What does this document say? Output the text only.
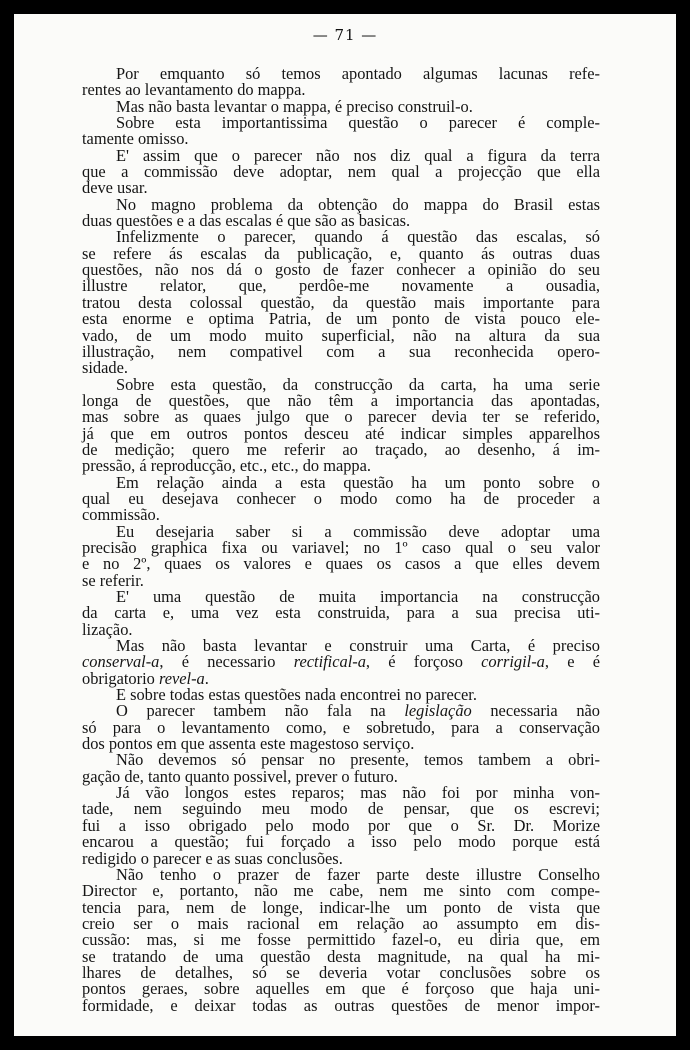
— 71 —

Por emquanto só temos apontado algumas lacunas refe-
rentes ao levantamento do mappa.

Mas não basta levantar o mappa, é preciso construil-o.

Sobre esta importantissima questão o parecer é comple-
tamente omisso.

E' assim que o parecer não nos diz qual a figura da terra
que a commissão deve adoptar, nem qual a projecção que ella
deve usar.

No magno problema da obtenção do mappa do Brasil estas
duas questões e a das escalas é que são as basicas.

Infelizmente o parecer, quando á questão das escalas, só
se refere ás escalas da publicação, e, quanto ás outras duas
questões, não nos dá o gosto de fazer conhecer a opinião do seu
illustre relator, que, perdôe-me novamente a ousadia,
tratou desta colossal questão, da questão mais importante para
esta enorme e optima Patria, de um ponto de vista pouco ele-
vado, de um modo muito superficial, não na altura da sua
illustração, nem compativel com a sua reconhecida opero-
sidade.

Sobre esta questão, da construcção da carta, ha uma serie
longa de questões, que não têm a importancia das apontadas,
mas sobre as quaes julgo que o parecer devia ter se referido,
já que em outros pontos desceu até indicar simples apparelhos
de medição; quero me referir ao traçado, ao desenho, á im-
pressão, á reproducção, etc., etc., do mappa.

Em relação ainda a esta questão ha um ponto sobre o
qual eu desejava conhecer o modo como ha de proceder a
commissão.

Eu desejaria saber si a commissão deve adoptar uma
precisão graphica fixa ou variavel; no 1º caso qual o seu valor
e no 2º, quaes os valores e quaes os casos a que elles devem
se referir.

E' uma questão de muita importancia na construcção
da carta e, uma vez esta construida, para a sua precisa uti-
lização.

Mas não basta levantar e construir uma Carta, é preciso
conserval-a, é necessario rectifical-a, é forçoso corrigil-a, e é
obrigatorio revel-a.

E sobre todas estas questões nada encontrei no parecer.

O parecer tambem não fala na legislação necessaria não
só para o levantamento como, e sobretudo, para a conservação
dos pontos em que assenta este magestoso serviço.

Não devemos só pensar no presente, temos tambem a obri-
gação de, tanto quanto possivel, prever o futuro.

Já vão longos estes reparos; mas não foi por minha von-
tade, nem seguindo meu modo de pensar, que os escrevi;
fui a isso obrigado pelo modo por que o Sr. Dr. Morize
encarou a questão; fui forçado a isso pelo modo porque está
redigido o parecer e as suas conclusões.

Não tenho o prazer de fazer parte deste illustre Conselho
Director e, portanto, não me cabe, nem me sinto com compe-
tencia para, nem de longe, indicar-lhe um ponto de vista que
creio ser o mais racional em relação ao assumpto em dis-
cussão: mas, si me fosse permittido fazel-o, eu diria que, em
se tratando de uma questão desta magnitude, na qual ha mi-
lhares de detalhes, só se deveria votar conclusões sobre os
pontos geraes, sobre aquelles em que é forçoso que haja uni-
formidade, e deixar todas as outras questões de menor impor-
